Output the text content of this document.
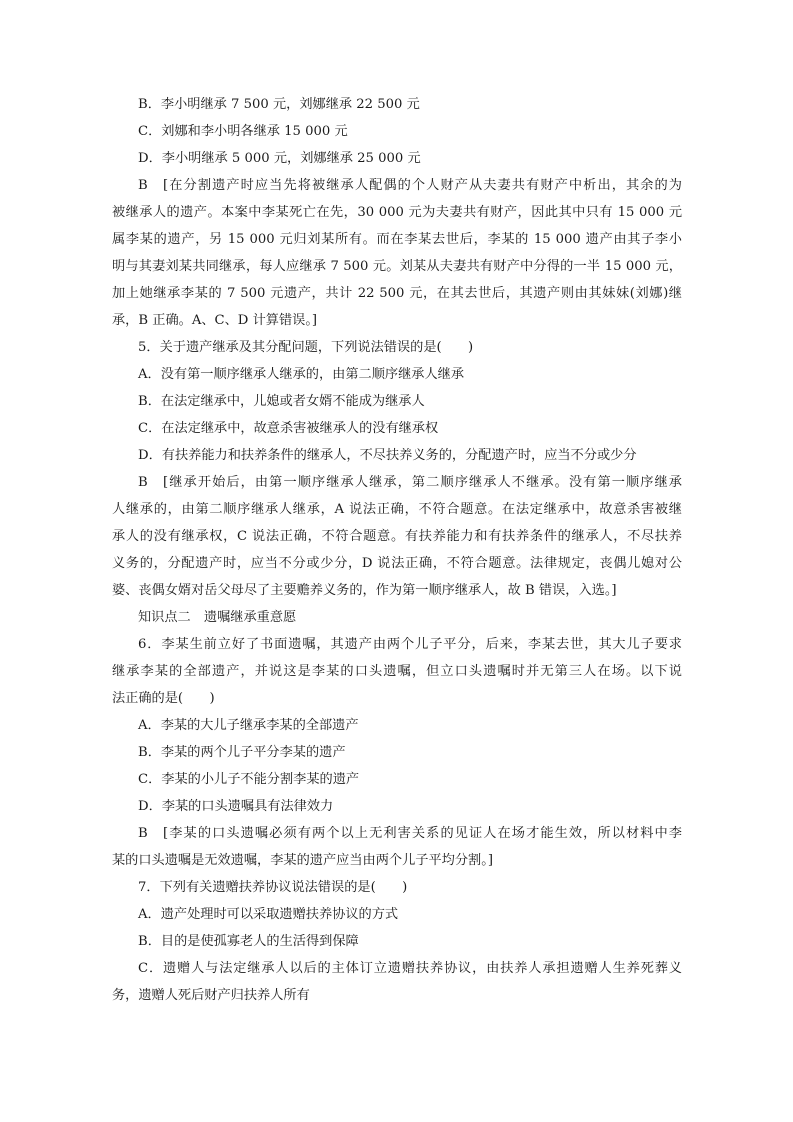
B．李小明继承 7 500 元，刘娜继承 22 500 元
C．刘娜和李小明各继承 15 000 元
D．李小明继承 5 000 元，刘娜继承 25 000 元
B　[在分割遗产时应当先将被继承人配偶的个人财产从夫妻共有财产中析出，其余的为
被继承人的遗产。本案中李某死亡在先，30 000 元为夫妻共有财产，因此其中只有 15 000 元
属李某的遗产，另 15 000 元归刘某所有。而在李某去世后，李某的 15 000 遗产由其子李小
明与其妻刘某共同继承，每人应继承 7 500 元。刘某从夫妻共有财产中分得的一半 15 000 元，
加上她继承李某的 7 500 元遗产，共计 22 500 元，在其去世后，其遗产则由其妹妹(刘娜)继
承，B 正确。A、C、D 计算错误。]
5．关于遗产继承及其分配问题，下列说法错误的是(　　)
A．没有第一顺序继承人继承的，由第二顺序继承人继承
B．在法定继承中，儿媳或者女婿不能成为继承人
C．在法定继承中，故意杀害被继承人的没有继承权
D．有扶养能力和扶养条件的继承人，不尽扶养义务的，分配遗产时，应当不分或少分
B　[继承开始后，由第一顺序继承人继承，第二顺序继承人不继承。没有第一顺序继承
人继承的，由第二顺序继承人继承，A 说法正确，不符合题意。在法定继承中，故意杀害被继
承人的没有继承权，C 说法正确，不符合题意。有扶养能力和有扶养条件的继承人，不尽扶养
义务的，分配遗产时，应当不分或少分，D 说法正确，不符合题意。法律规定，丧偶儿媳对公
婆、丧偶女婿对岳父母尽了主要赡养义务的，作为第一顺序继承人，故 B 错误，入选。]
知识点二　遗嘱继承重意愿
6．李某生前立好了书面遗嘱，其遗产由两个儿子平分，后来，李某去世，其大儿子要求
继承李某的全部遗产，并说这是李某的口头遗嘱，但立口头遗嘱时并无第三人在场。以下说
法正确的是(　　)
A．李某的大儿子继承李某的全部遗产
B．李某的两个儿子平分李某的遗产
C．李某的小儿子不能分割李某的遗产
D．李某的口头遗嘱具有法律效力
B　[李某的口头遗嘱必须有两个以上无利害关系的见证人在场才能生效，所以材料中李
某的口头遗嘱是无效遗嘱，李某的遗产应当由两个儿子平均分割。]
7．下列有关遗赠扶养协议说法错误的是(　　)
A．遗产处理时可以采取遗赠扶养协议的方式
B．目的是使孤寡老人的生活得到保障
C．遗赠人与法定继承人以后的主体订立遗赠扶养协议，由扶养人承担遗赠人生养死葬义
务，遗赠人死后财产归扶养人所有
